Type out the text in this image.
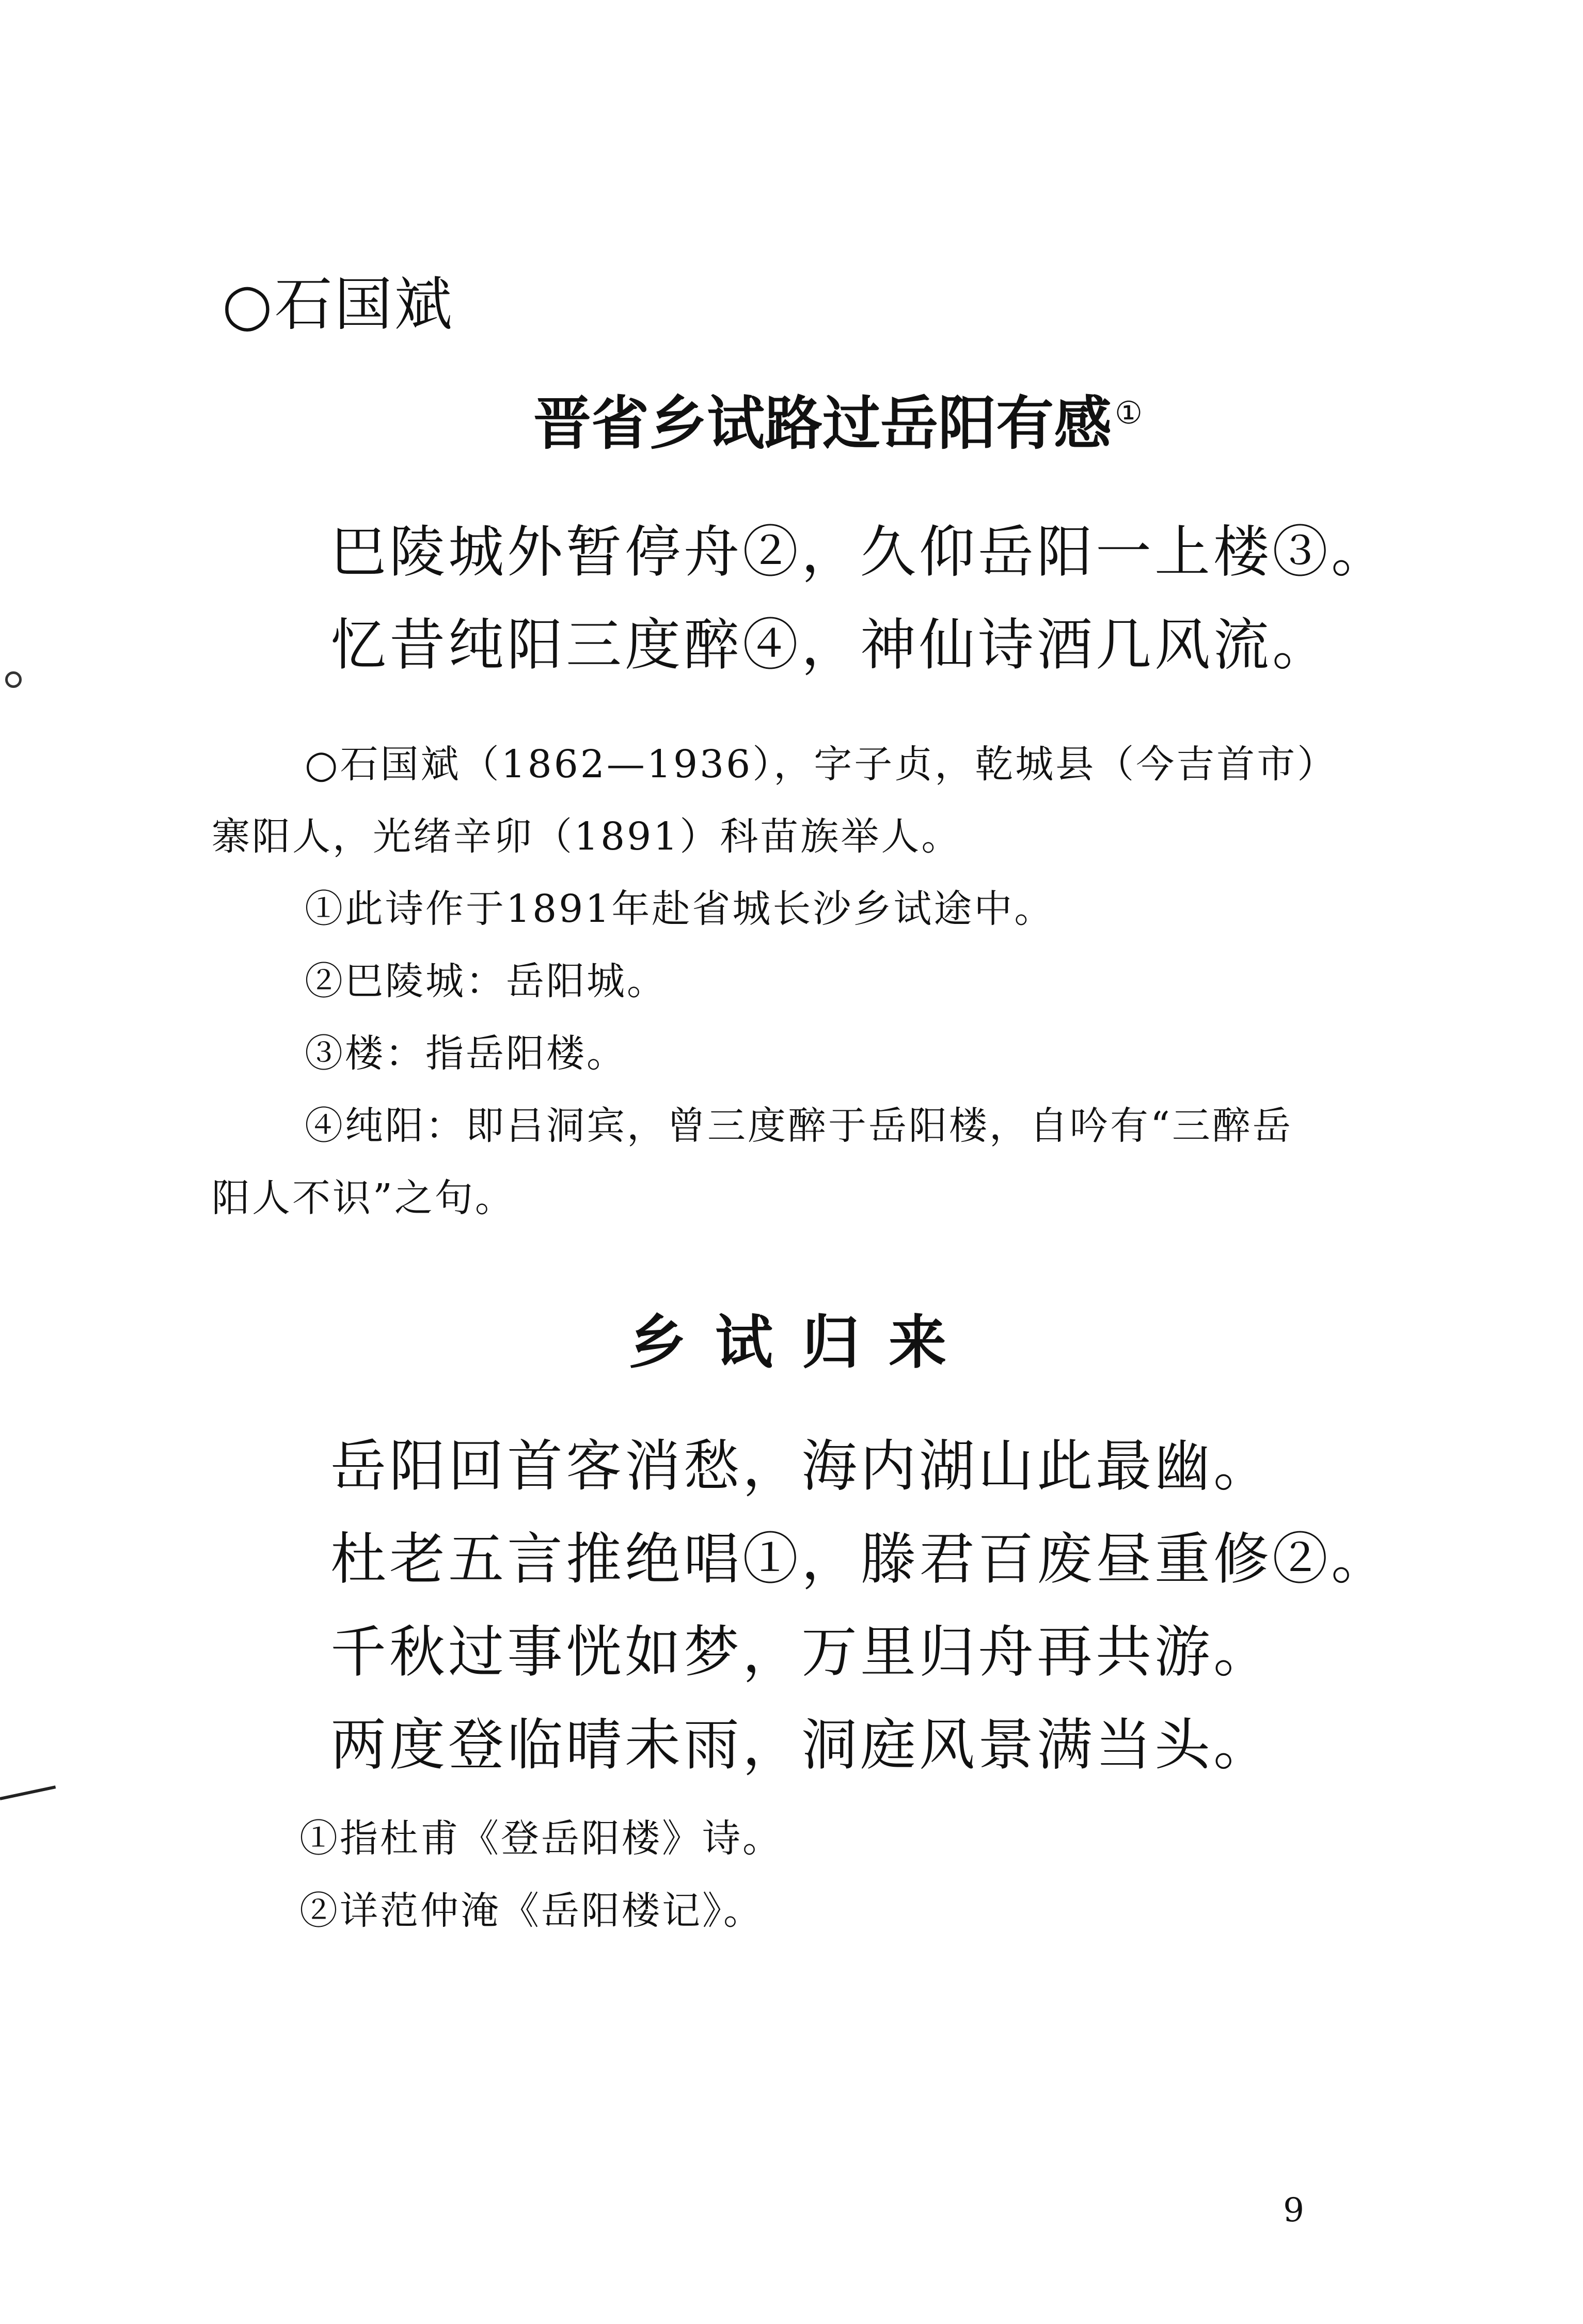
○石国斌
晋省乡试路过岳阳有感 ①
巴陵城外暂停舟②，久仰岳阳一上楼③。
忆昔纯阳三度醉④，神仙诗酒几风流。

○石国斌（1862—1936），字子贞，乾城县（今吉首市）
寨阳人，光绪辛卯（1891）科苗族举人。

①此诗作于1891年赴省城长沙乡试途中。

②巴陵城：岳阳城。

③楼：指岳阳楼。

④纯阳：即吕洞宾，曾三度醉于岳阳楼，自吟有“三醉岳
阳人不识”之句。

乡试归来
岳阳回首客消愁，海内湖山此最幽。
杜老五言推绝唱①，滕君百废昼重修②。
千秋过事恍如梦，万里归舟再共游。
两度登临晴未雨，洞庭风景满当头。

①指杜甫《登岳阳楼》诗。

②详范仲淹《岳阳楼记》。

9
